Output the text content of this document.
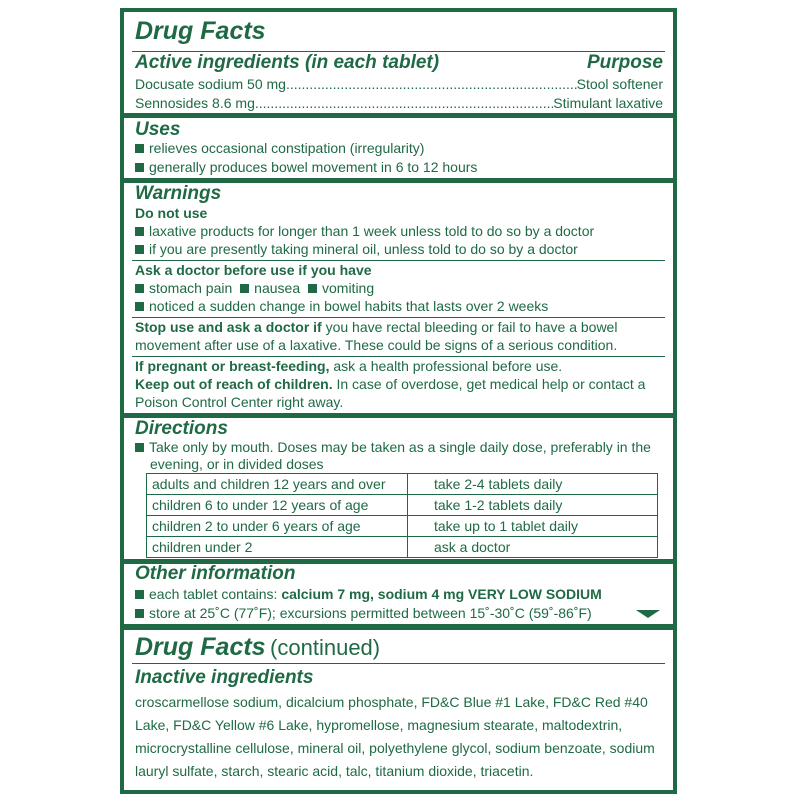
Drug Facts
Active ingredients (in each tablet)	Purpose
Docusate sodium 50 mg .....	Stool softener
Sennosides 8.6 mg .....	Stimulant laxative
Uses
relieves occasional constipation (irregularity)
generally produces bowel movement in 6 to 12 hours
Warnings
Do not use
laxative products for longer than 1 week unless told to do so by a doctor
if you are presently taking mineral oil, unless told to do so by a doctor
Ask a doctor before use if you have
stomach pain nausea vomiting
noticed a sudden change in bowel habits that lasts over 2 weeks
Stop use and ask a doctor if you have rectal bleeding or fail to have a bowel
movement after use of a laxative. These could be signs of a serious condition.
If pregnant or breast-feeding, ask a health professional before use.
Keep out of reach of children. In case of overdose, get medical help or contact a
Poison Control Center right away.
Directions
Take only by mouth. Doses may be taken as a single daily dose, preferably in the
evening, or in divided doses
adults and children 12 years and over	take 2-4 tablets daily
children 6 to under 12 years of age	take 1-2 tablets daily
children 2 to under 6 years of age	take up to 1 tablet daily
children under 2	ask a doctor
Other information
each tablet contains: calcium 7 mg, sodium 4 mg VERY LOW SODIUM
store at 25˚C (77˚F); excursions permitted between 15˚-30˚C (59˚-86˚F)
Drug Facts (continued)
Inactive ingredients
croscarmellose sodium, dicalcium phosphate, FD&C Blue #1 Lake, FD&C Red #40
Lake, FD&C Yellow #6 Lake, hypromellose, magnesium stearate, maltodextrin,
microcrystalline cellulose, mineral oil, polyethylene glycol, sodium benzoate, sodium
lauryl sulfate, starch, stearic acid, talc, titanium dioxide, triacetin.
